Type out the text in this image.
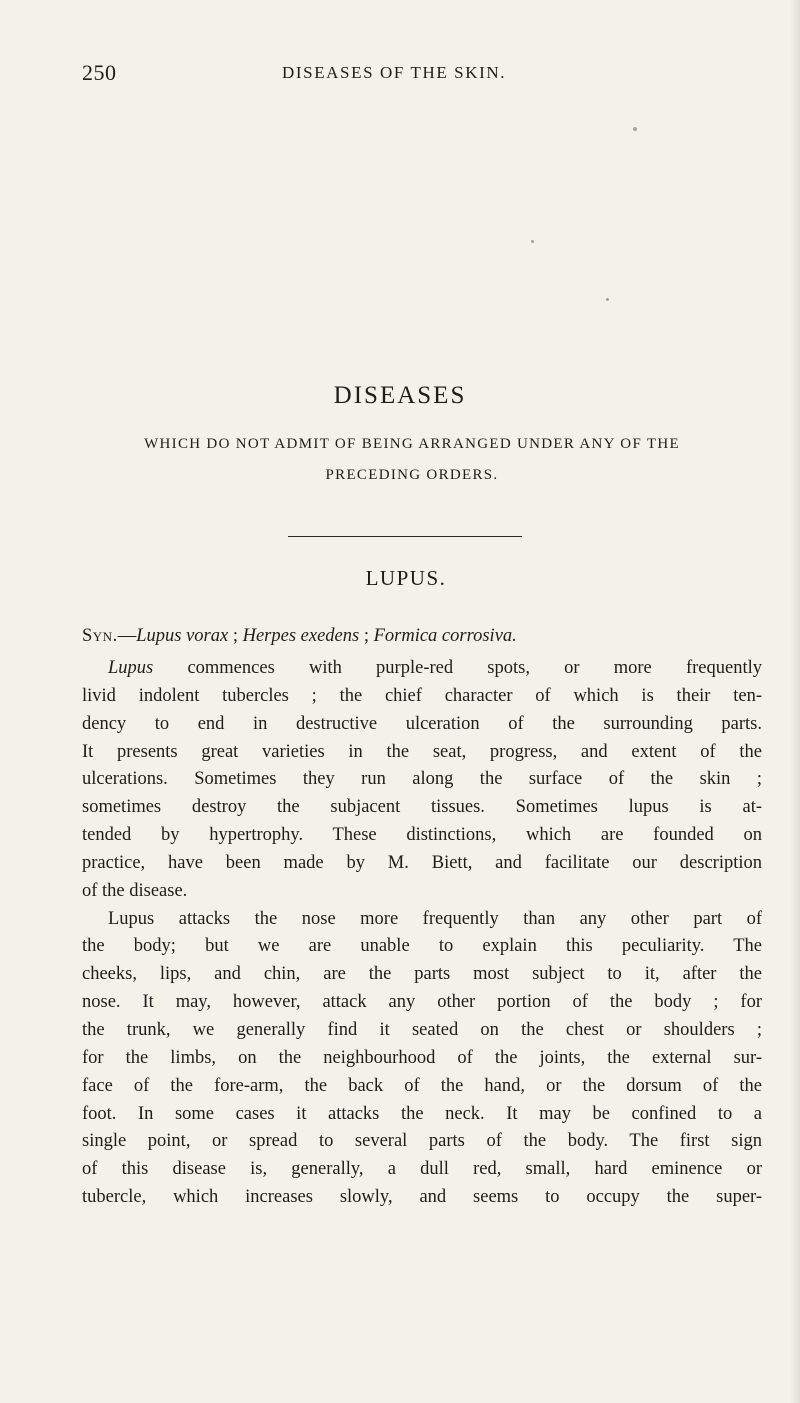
250	DISEASES OF THE SKIN.
DISEASES
WHICH DO NOT ADMIT OF BEING ARRANGED UNDER ANY OF THE
PRECEDING ORDERS.
LUPUS.
Syn.—Lupus vorax ; Herpes exedens ; Formica corrosiva.
Lupus commences with purple-red spots, or more frequently
livid indolent tubercles ; the chief character of which is their ten-
dency to end in destructive ulceration of the surrounding parts.
It presents great varieties in the seat, progress, and extent of the
ulcerations. Sometimes they run along the surface of the skin ;
sometimes destroy the subjacent tissues. Sometimes lupus is at-
tended by hypertrophy. These distinctions, which are founded on
practice, have been made by M. Biett, and facilitate our description
of the disease.
Lupus attacks the nose more frequently than any other part of
the body; but we are unable to explain this peculiarity. The
cheeks, lips, and chin, are the parts most subject to it, after the
nose. It may, however, attack any other portion of the body ; for
the trunk, we generally find it seated on the chest or shoulders ;
for the limbs, on the neighbourhood of the joints, the external sur-
face of the fore-arm, the back of the hand, or the dorsum of the
foot. In some cases it attacks the neck. It may be confined to a
single point, or spread to several parts of the body. The first sign
of this disease is, generally, a dull red, small, hard eminence or
tubercle, which increases slowly, and seems to occupy the super-
